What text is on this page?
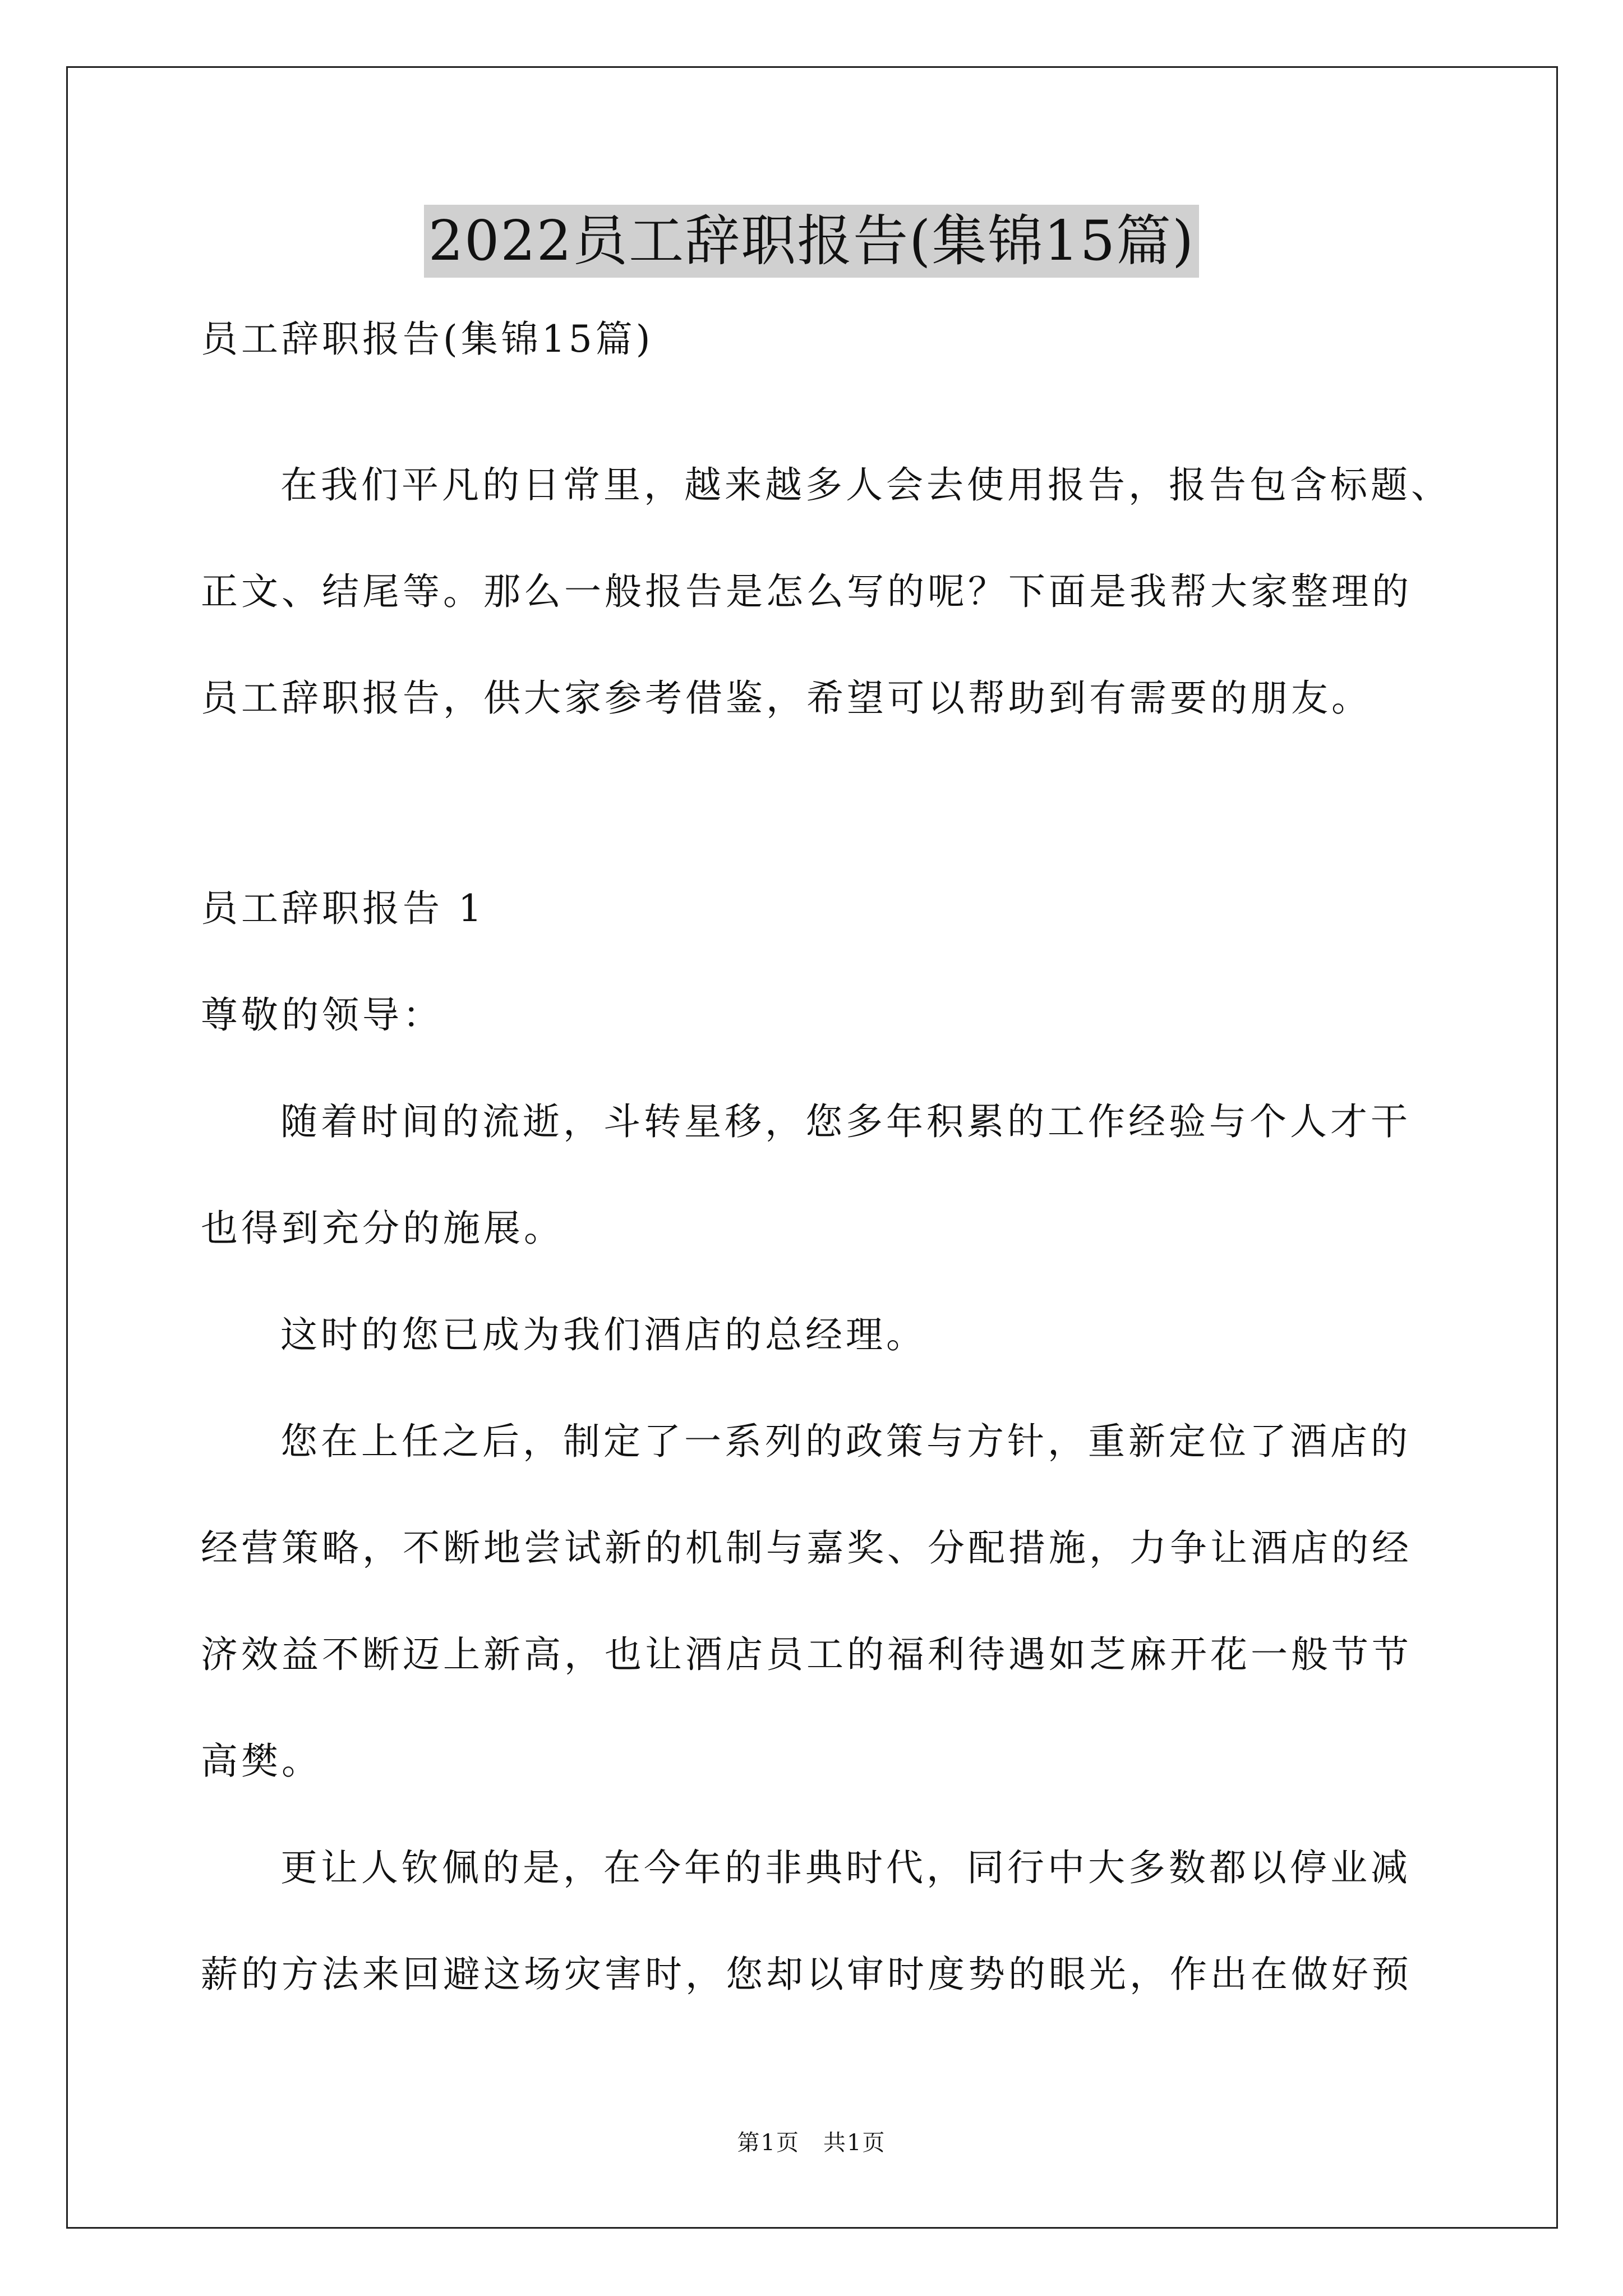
2022员工辞职报告(集锦15篇)
员工辞职报告(集锦15篇)
在我们平凡的日常里，越来越多人会去使用报告，报告包含标题、
正文、结尾等。那么一般报告是怎么写的呢？下面是我帮大家整理的
员工辞职报告，供大家参考借鉴，希望可以帮助到有需要的朋友。
员工辞职报告 1
尊敬的领导：
随着时间的流逝，斗转星移，您多年积累的工作经验与个人才干
也得到充分的施展。
这时的您已成为我们酒店的总经理。
您在上任之后，制定了一系列的政策与方针，重新定位了酒店的
经营策略，不断地尝试新的机制与嘉奖、分配措施，力争让酒店的经
济效益不断迈上新高，也让酒店员工的福利待遇如芝麻开花一般节节
高樊。
更让人钦佩的是，在今年的非典时代，同行中大多数都以停业减
薪的方法来回避这场灾害时，您却以审时度势的眼光，作出在做好预
第1页　共1页
